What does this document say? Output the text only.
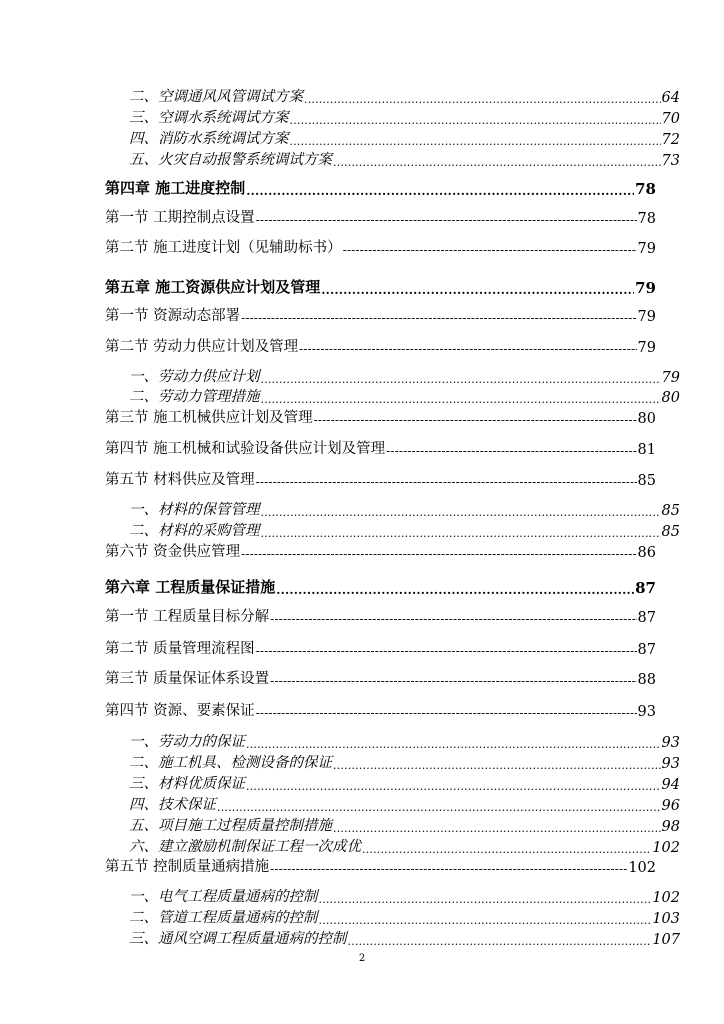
二、空调通风风管调试方案 .....	64
三、空调水系统调试方案 .....	70
四、消防水系统调试方案 .....	72
五、火灾自动报警系统调试方案 .....	73
第四章 施工进度控制 .....	78
第一节 工期控制点设置 -----	78
第二节 施工进度计划（见辅助标书） -----	79
第五章 施工资源供应计划及管理 .....	79
第一节 资源动态部署 -----	79
第二节 劳动力供应计划及管理 -----	79
一、劳动力供应计划 .....	79
二、劳动力管理措施 .....	80
第三节 施工机械供应计划及管理 -----	80
第四节 施工机械和试验设备供应计划及管理 -----	81
第五节 材料供应及管理 -----	85
一、材料的保管管理 .....	85
二、材料的采购管理 .....	85
第六节 资金供应管理 -----	86
第六章 工程质量保证措施 .....	87
第一节 工程质量目标分解 -----	87
第二节 质量管理流程图 -----	87
第三节 质量保证体系设置 -----	88
第四节 资源、要素保证 -----	93
一、劳动力的保证 .....	93
二、施工机具、检测设备的保证 .....	93
三、材料优质保证 .....	94
四、技术保证 .....	96
五、项目施工过程质量控制措施 .....	98
六、建立激励机制保证工程一次成优 .....	102
第五节 控制质量通病措施 -----	102
一、电气工程质量通病的控制 .....	102
二、管道工程质量通病的控制 .....	103
三、通风空调工程质量通病的控制 .....	107
2
